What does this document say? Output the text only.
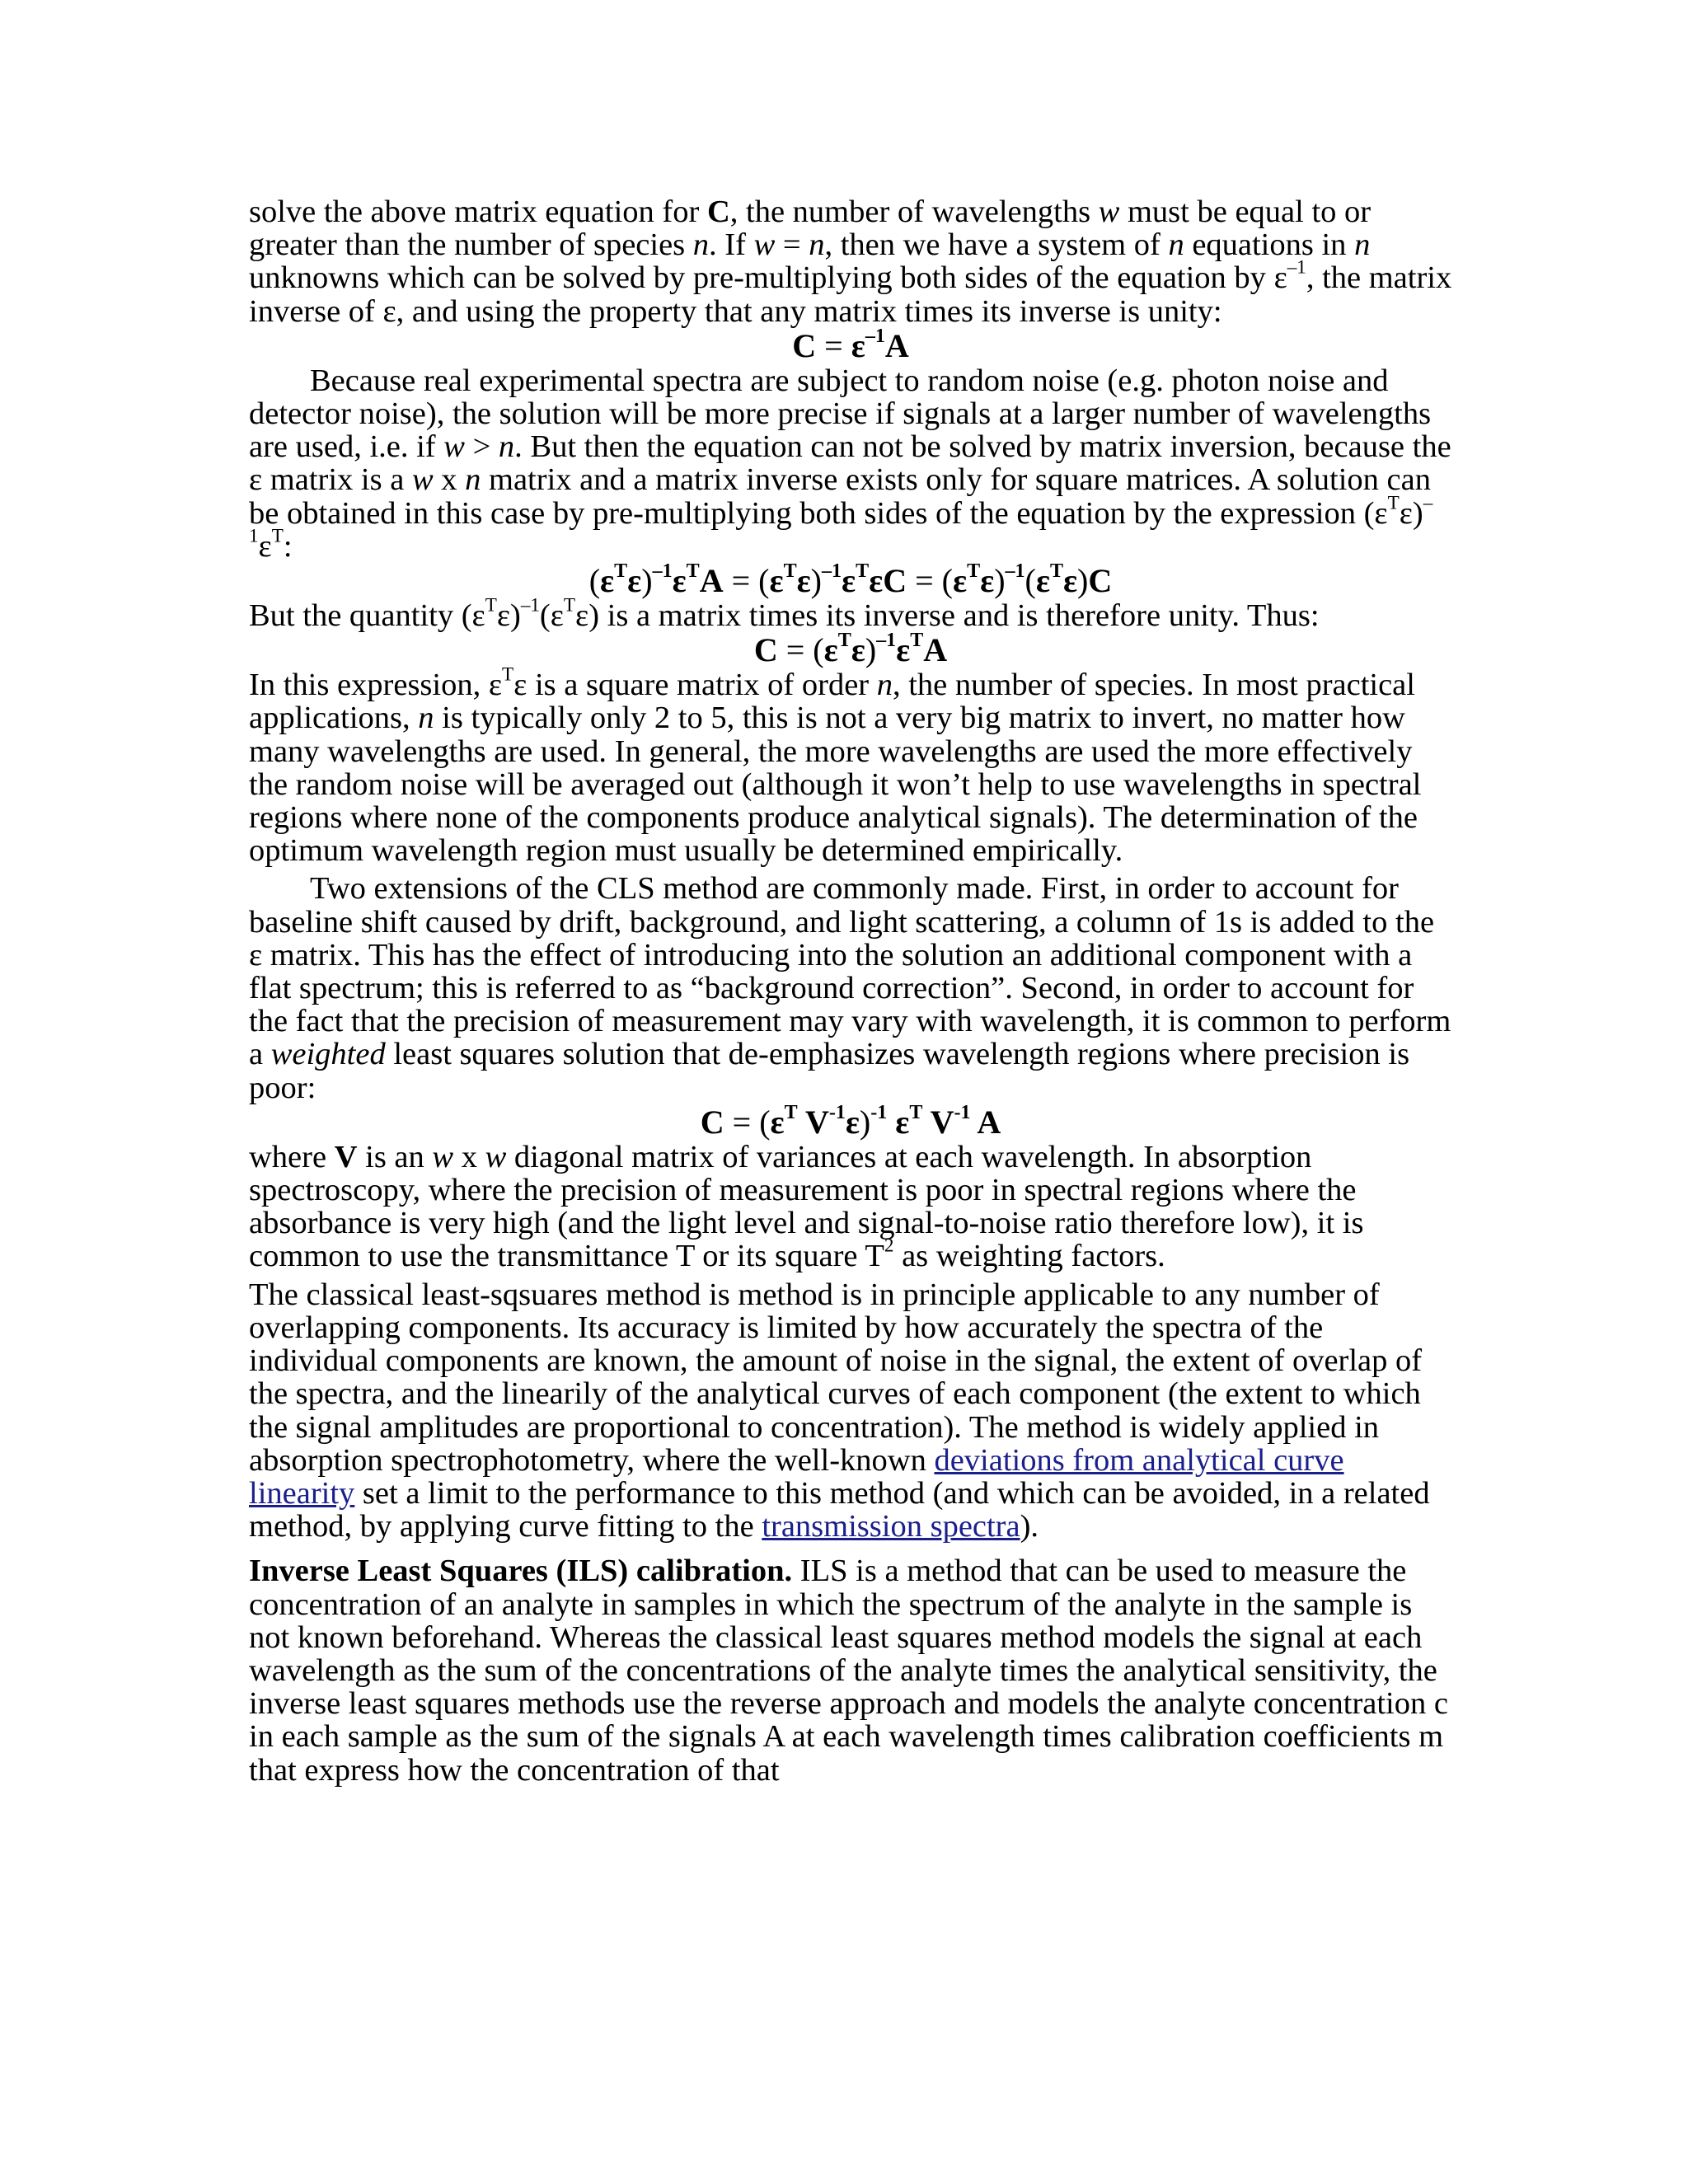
solve the above matrix equation for C, the number of wavelengths w must be equal to or greater than the number of species n. If w = n, then we have a system of n equations in n unknowns which can be solved by pre-multiplying both sides of the equation by $\varepsilon^{-1}$, the matrix inverse of ε, and using the property that any matrix times its inverse is unity:

$C = \varepsilon^{-1}A$

Because real experimental spectra are subject to random noise (e.g. photon noise and detector noise), the solution will be more precise if signals at a larger number of wavelengths are used, i.e. if w > n. But then the equation can not be solved by matrix inversion, because the ε matrix is a w x n matrix and a matrix inverse exists only for square matrices. A solution can be obtained in this case by pre-multiplying both sides of the equation by the expression $(\varepsilon^T\varepsilon)^{-1}\varepsilon^T$:

$(\varepsilon^T\varepsilon)^{-1}\varepsilon^TA = (\varepsilon^T\varepsilon)^{-1}\varepsilon^T\varepsilon C = (\varepsilon^T\varepsilon)^{-1}(\varepsilon^T\varepsilon)C$

But the quantity $(\varepsilon^T\varepsilon)^{-1}(\varepsilon^T\varepsilon)$ is a matrix times its inverse and is therefore unity. Thus:

$C = (\varepsilon^T\varepsilon)^{-1}\varepsilon^TA$

In this expression, $\varepsilon^T\varepsilon$ is a square matrix of order n, the number of species. In most practical applications, n is typically only 2 to 5, this is not a very big matrix to invert, no matter how many wavelengths are used. In general, the more wavelengths are used the more effectively the random noise will be averaged out (although it won’t help to use wavelengths in spectral regions where none of the components produce analytical signals). The determination of the optimum wavelength region must usually be determined empirically.

Two extensions of the CLS method are commonly made. First, in order to account for baseline shift caused by drift, background, and light scattering, a column of 1s is added to the ε matrix. This has the effect of introducing into the solution an additional component with a flat spectrum; this is referred to as “background correction”. Second, in order to account for the fact that the precision of measurement may vary with wavelength, it is common to perform a weighted least squares solution that de-emphasizes wavelength regions where precision is poor:

$C = (\varepsilon^T$ $V^{-1}\varepsilon)^{-1}$ $\varepsilon^T$ $V^{-1}$ A

where V is an w x w diagonal matrix of variances at each wavelength. In absorption spectroscopy, where the precision of measurement is poor in spectral regions where the absorbance is very high (and the light level and signal-to-noise ratio therefore low), it is common to use the transmittance T or its square $T^2$ as weighting factors.

The classical least-sqsuares method is method is in principle applicable to any number of overlapping components. Its accuracy is limited by how accurately the spectra of the individual components are known, the amount of noise in the signal, the extent of overlap of the spectra, and the linearily of the analytical curves of each component (the extent to which the signal amplitudes are proportional to concentration). The method is widely applied in absorption spectrophotometry, where the well-known deviations from analytical curve linearity set a limit to the performance to this method (and which can be avoided, in a related method, by applying curve fitting to the transmission spectra).

Inverse Least Squares (ILS) calibration. ILS is a method that can be used to measure the concentration of an analyte in samples in which the spectrum of the analyte in the sample is not known beforehand. Whereas the classical least squares method models the signal at each wavelength as the sum of the concentrations of the analyte times the analytical sensitivity, the inverse least squares methods use the reverse approach and models the analyte concentration c in each sample as the sum of the signals A at each wavelength times calibration coefficients m that express how the concentration of that
